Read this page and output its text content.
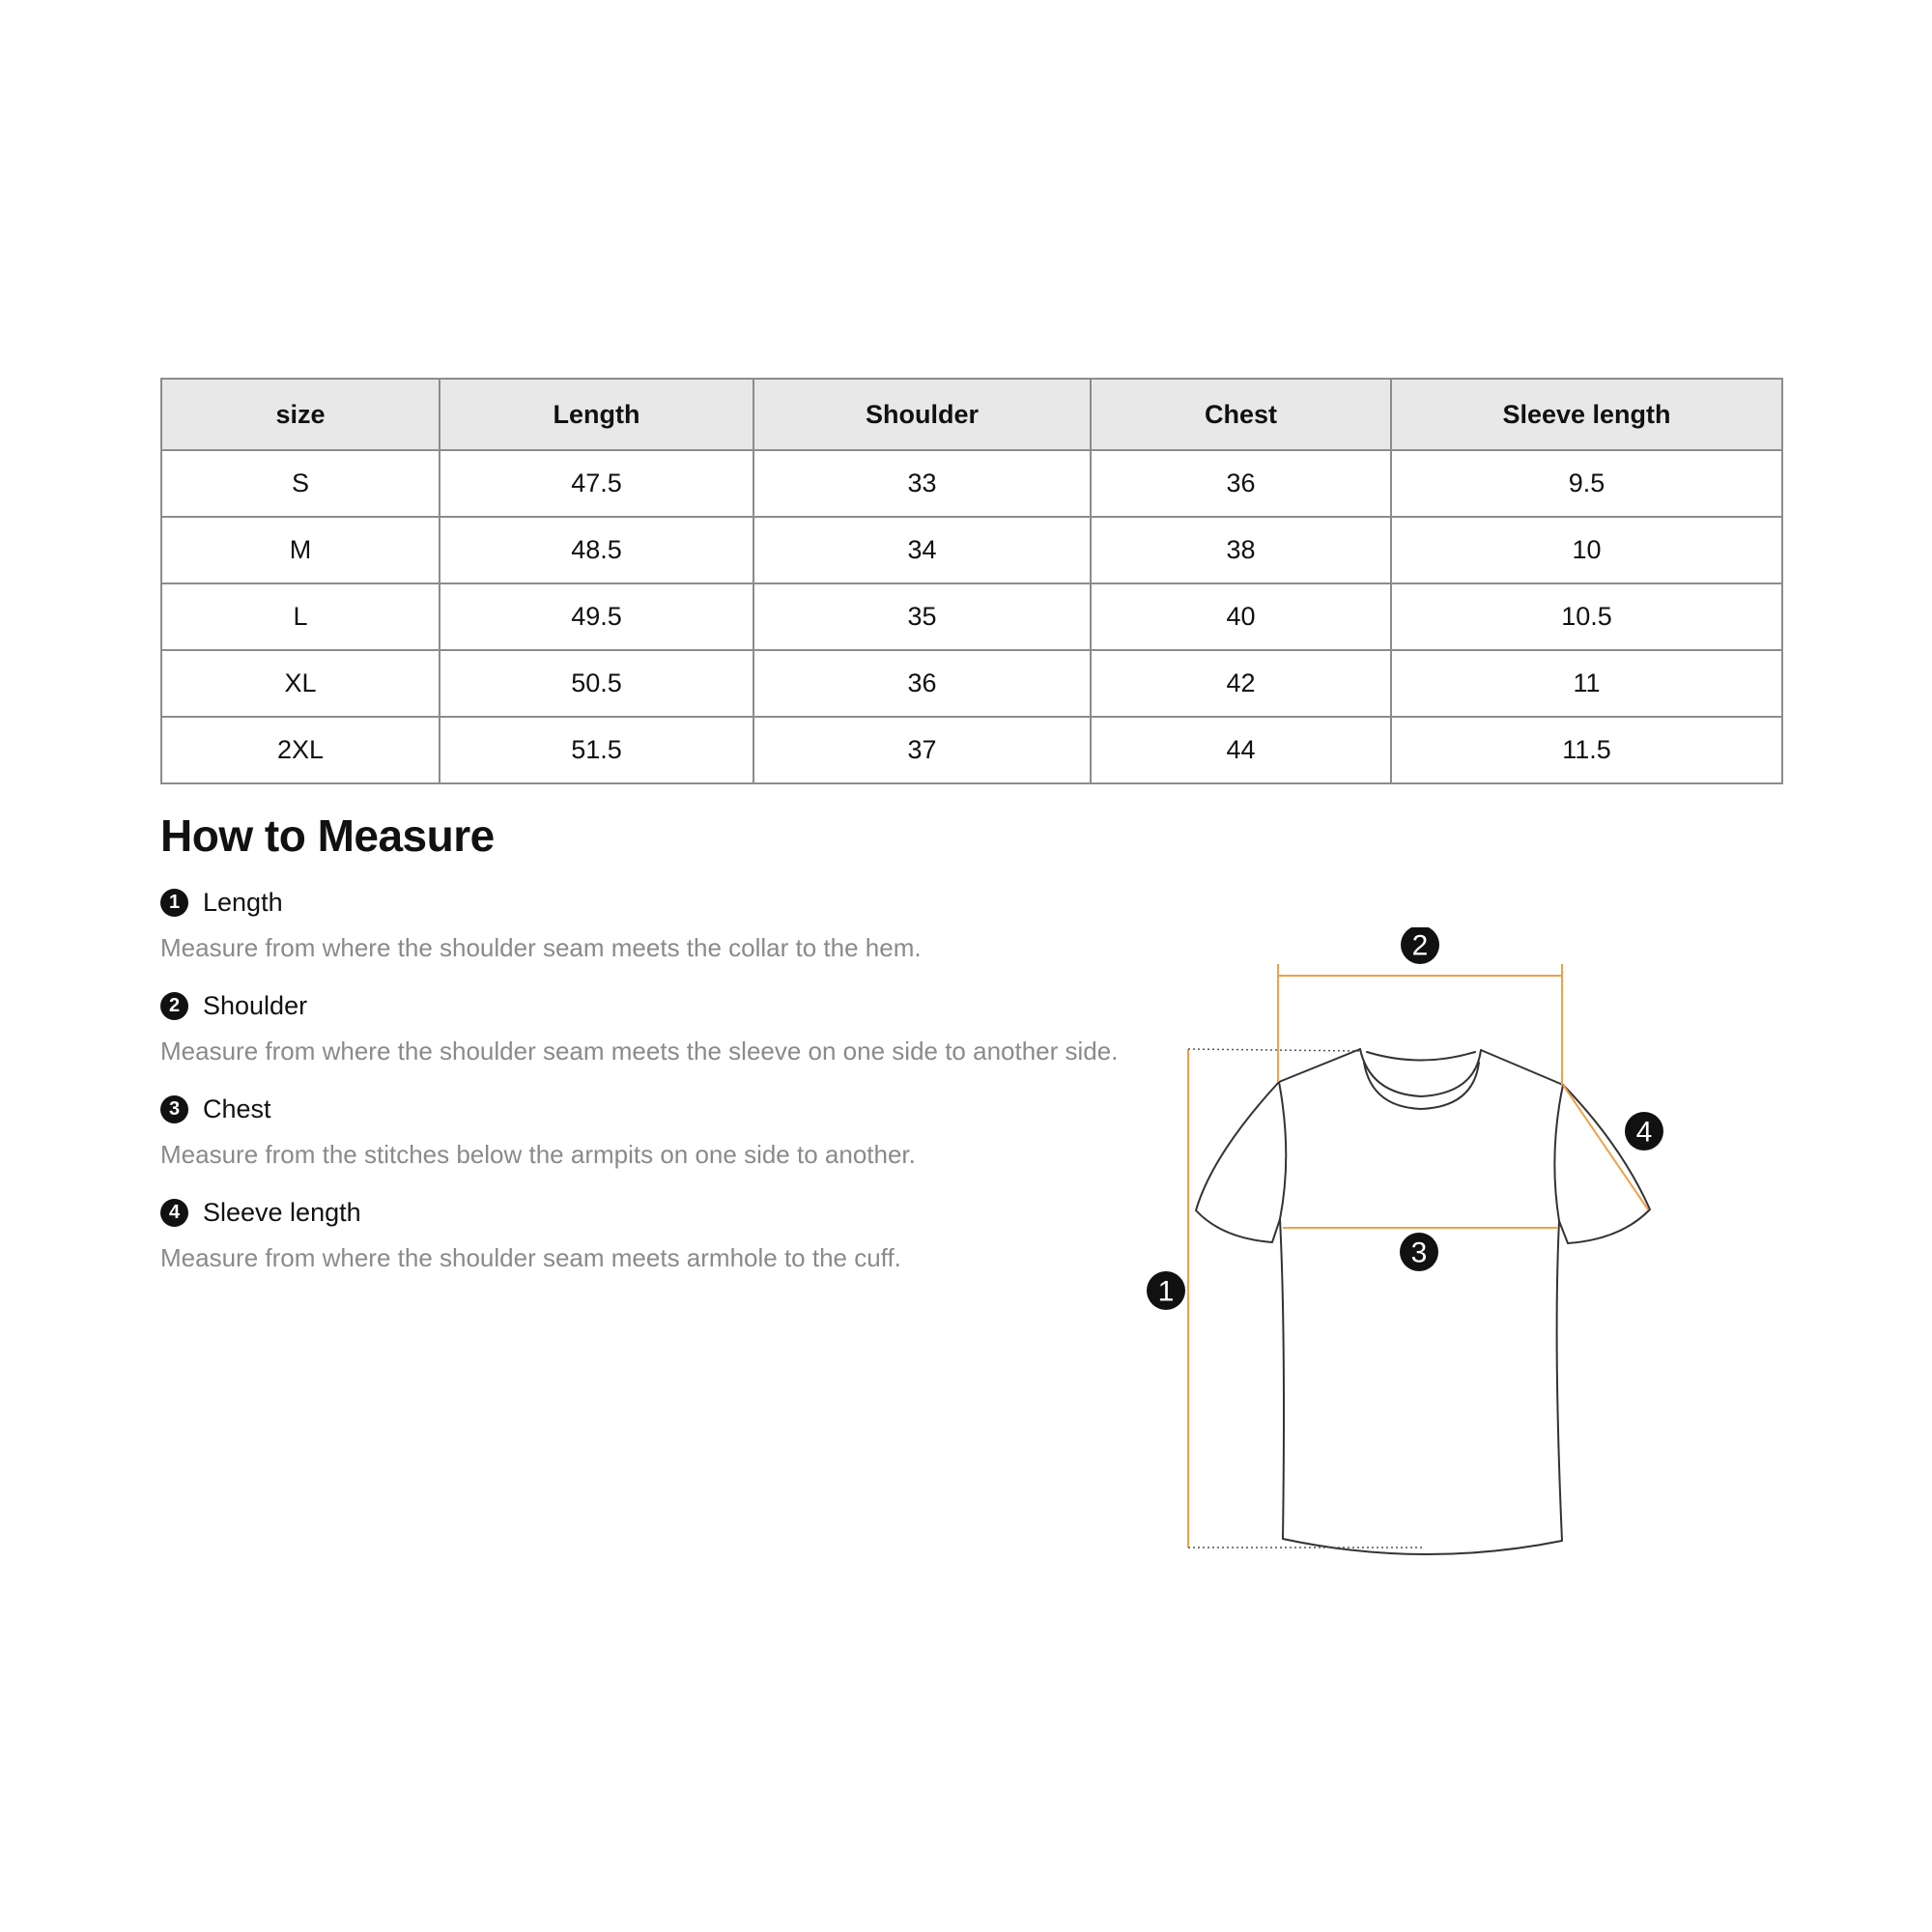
size	Length	Shoulder	Chest	Sleeve length
S	47.5	33	36	9.5
M	48.5	34	38	10
L	49.5	35	40	10.5
XL	50.5	36	42	11
2XL	51.5	37	44	11.5
How to Measure
1 Length
Measure from where the shoulder seam meets the collar to the hem.
2 Shoulder
Measure from where the shoulder seam meets the sleeve on one side to another side.
3 Chest
Measure from the stitches below the armpits on one side to another.
4 Sleeve length
Measure from where the shoulder seam meets armhole to the cuff.
1
2
3
4
